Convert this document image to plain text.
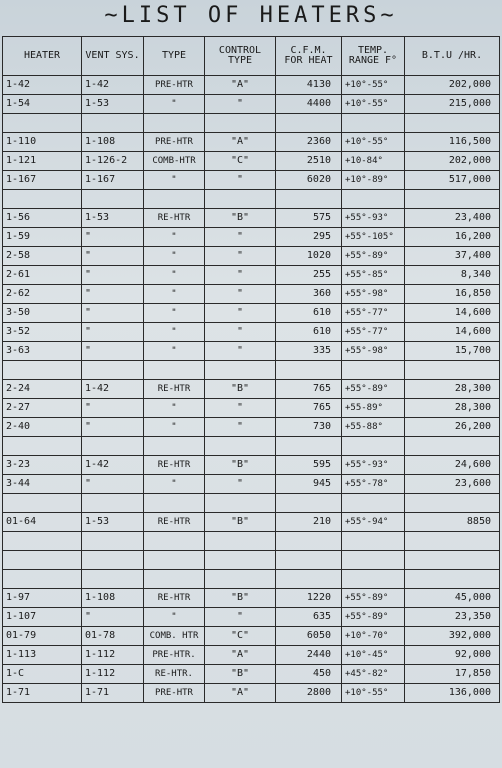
~LIST OF HEATERS~
HEATER	VENT SYS.	TYPE	CONTROL TYPE	C.F.M. FOR HEAT	TEMP. RANGE F°	B.T.U /HR.
1-42	1-42	PRE-HTR	"A"	4130	+10°-55°	202,000
1-54	1-53	"	"	4400	+10°-55°	215,000

1-110	1-108	PRE-HTR	"A"	2360	+10°-55°	116,500
1-121	1-126-2	COMB-HTR	"C"	2510	+10-84°	202,000
1-167	1-167	"	"	6020	+10°-89°	517,000

1-56	1-53	RE-HTR	"B"	575	+55°-93°	23,400
1-59	"	"	"	295	+55°-105°	16,200
2-58	"	"	"	1020	+55°-89°	37,400
2-61	"	"	"	255	+55°-85°	8,340
2-62	"	"	"	360	+55°-98°	16,850
3-50	"	"	"	610	+55°-77°	14,600
3-52	"	"	"	610	+55°-77°	14,600
3-63	"	"	"	335	+55°-98°	15,700

2-24	1-42	RE-HTR	"B"	765	+55°-89°	28,300
2-27	"	"	"	765	+55-89°	28,300
2-40	"	"	"	730	+55-88°	26,200

3-23	1-42	RE-HTR	"B"	595	+55°-93°	24,600
3-44	"	"	"	945	+55°-78°	23,600

01-64	1-53	RE-HTR	"B"	210	+55°-94°	8850

1-97	1-108	RE-HTR	"B"	1220	+55°-89°	45,000
1-107	"	"	"	635	+55°-89°	23,350
01-79	01-78	COMB. HTR	"C"	6050	+10°-70°	392,000
1-113	1-112	PRE-HTR.	"A"	2440	+10°-45°	92,000
1-C	1-112	RE-HTR.	"B"	450	+45°-82°	17,850
1-71	1-71	PRE-HTR	"A"	2800	+10°-55°	136,000
